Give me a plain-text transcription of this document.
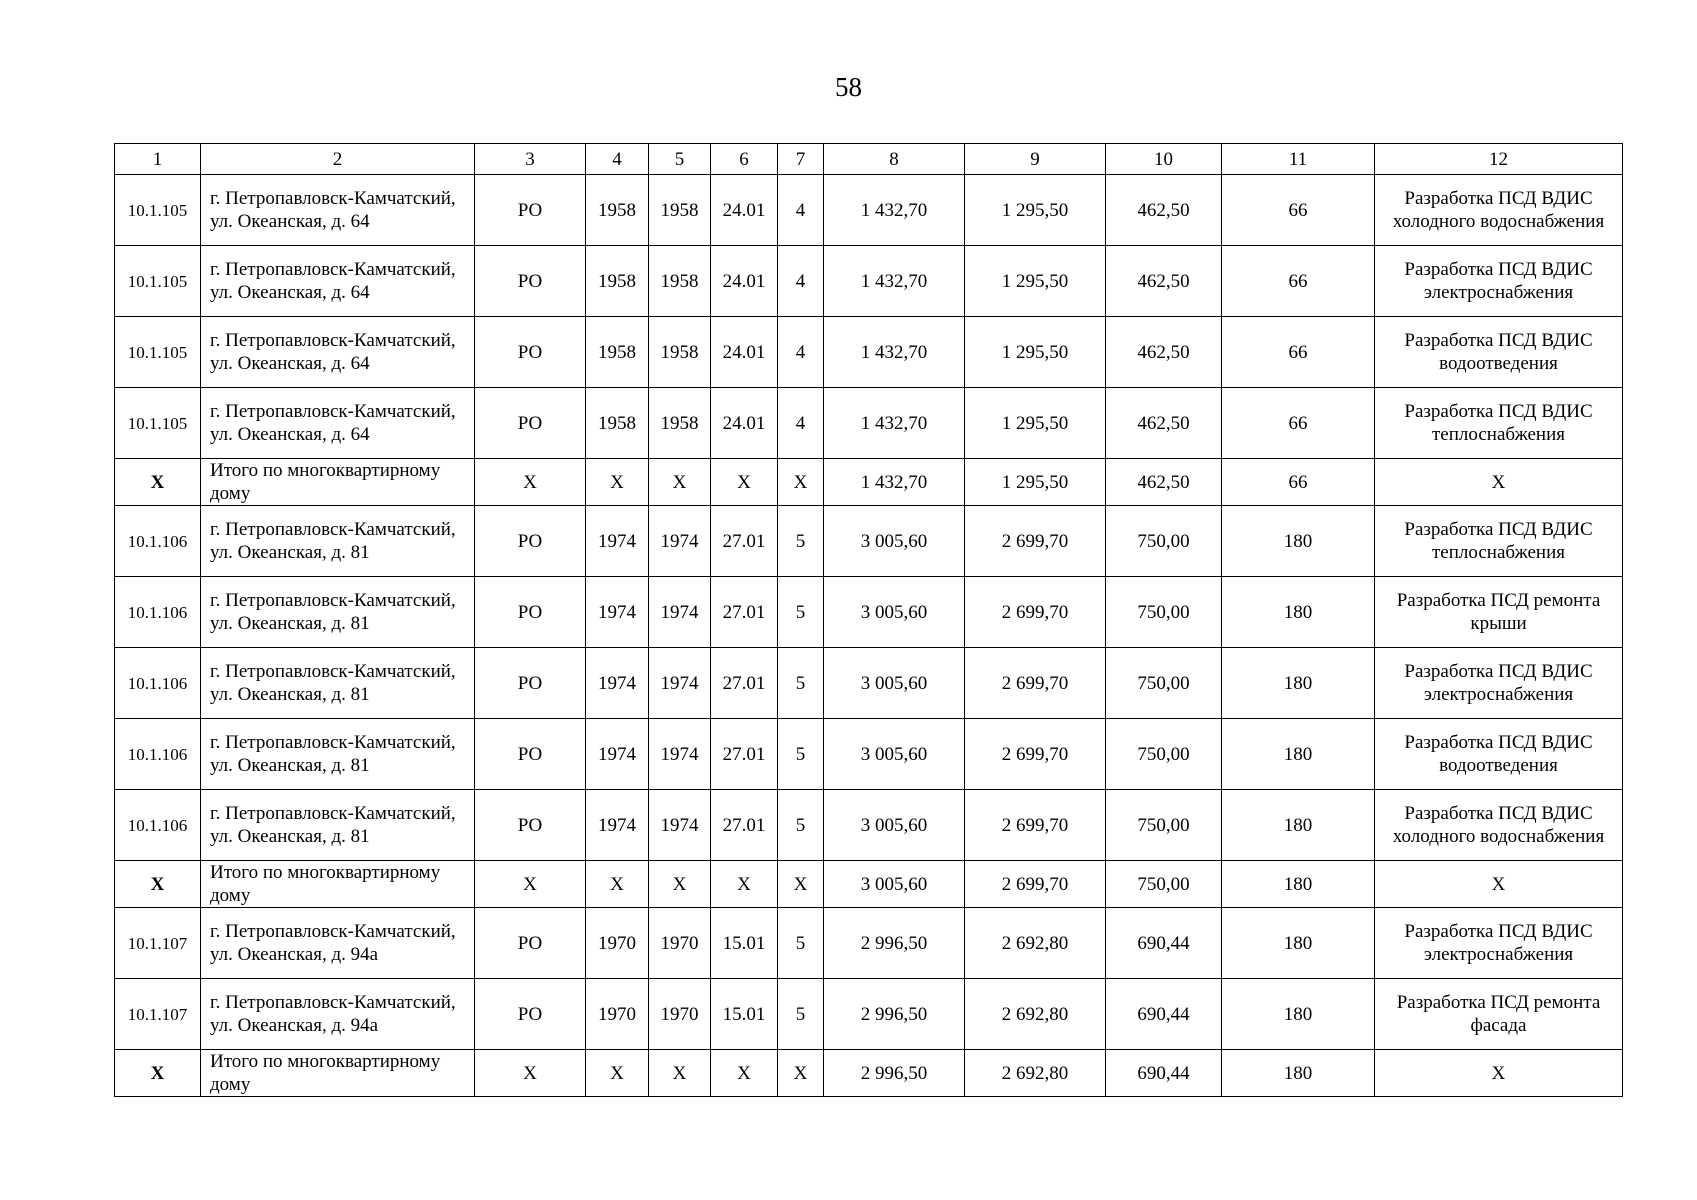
58
1	2	3	4	5	6	7	8	9	10	11	12
10.1.105	г. Петропавловск-Камчатский, ул. Океанская, д. 64	РО	1958	1958	24.01	4	1 432,70	1 295,50	462,50	66	Разработка ПСД ВДИС холодного водоснабжения
10.1.105	г. Петропавловск-Камчатский, ул. Океанская, д. 64	РО	1958	1958	24.01	4	1 432,70	1 295,50	462,50	66	Разработка ПСД ВДИС электроснабжения
10.1.105	г. Петропавловск-Камчатский, ул. Океанская, д. 64	РО	1958	1958	24.01	4	1 432,70	1 295,50	462,50	66	Разработка ПСД ВДИС водоотведения
10.1.105	г. Петропавловск-Камчатский, ул. Океанская, д. 64	РО	1958	1958	24.01	4	1 432,70	1 295,50	462,50	66	Разработка ПСД ВДИС теплоснабжения
Х	Итого по многоквартирному дому	Х	Х	Х	Х	Х	1 432,70	1 295,50	462,50	66	Х
10.1.106	г. Петропавловск-Камчатский, ул. Океанская, д. 81	РО	1974	1974	27.01	5	3 005,60	2 699,70	750,00	180	Разработка ПСД ВДИС теплоснабжения
10.1.106	г. Петропавловск-Камчатский, ул. Океанская, д. 81	РО	1974	1974	27.01	5	3 005,60	2 699,70	750,00	180	Разработка ПСД ремонта крыши
10.1.106	г. Петропавловск-Камчатский, ул. Океанская, д. 81	РО	1974	1974	27.01	5	3 005,60	2 699,70	750,00	180	Разработка ПСД ВДИС электроснабжения
10.1.106	г. Петропавловск-Камчатский, ул. Океанская, д. 81	РО	1974	1974	27.01	5	3 005,60	2 699,70	750,00	180	Разработка ПСД ВДИС водоотведения
10.1.106	г. Петропавловск-Камчатский, ул. Океанская, д. 81	РО	1974	1974	27.01	5	3 005,60	2 699,70	750,00	180	Разработка ПСД ВДИС холодного водоснабжения
Х	Итого по многоквартирному дому	Х	Х	Х	Х	Х	3 005,60	2 699,70	750,00	180	Х
10.1.107	г. Петропавловск-Камчатский, ул. Океанская, д. 94а	РО	1970	1970	15.01	5	2 996,50	2 692,80	690,44	180	Разработка ПСД ВДИС электроснабжения
10.1.107	г. Петропавловск-Камчатский, ул. Океанская, д. 94а	РО	1970	1970	15.01	5	2 996,50	2 692,80	690,44	180	Разработка ПСД ремонта фасада
Х	Итого по многоквартирному дому	Х	Х	Х	Х	Х	2 996,50	2 692,80	690,44	180	Х
